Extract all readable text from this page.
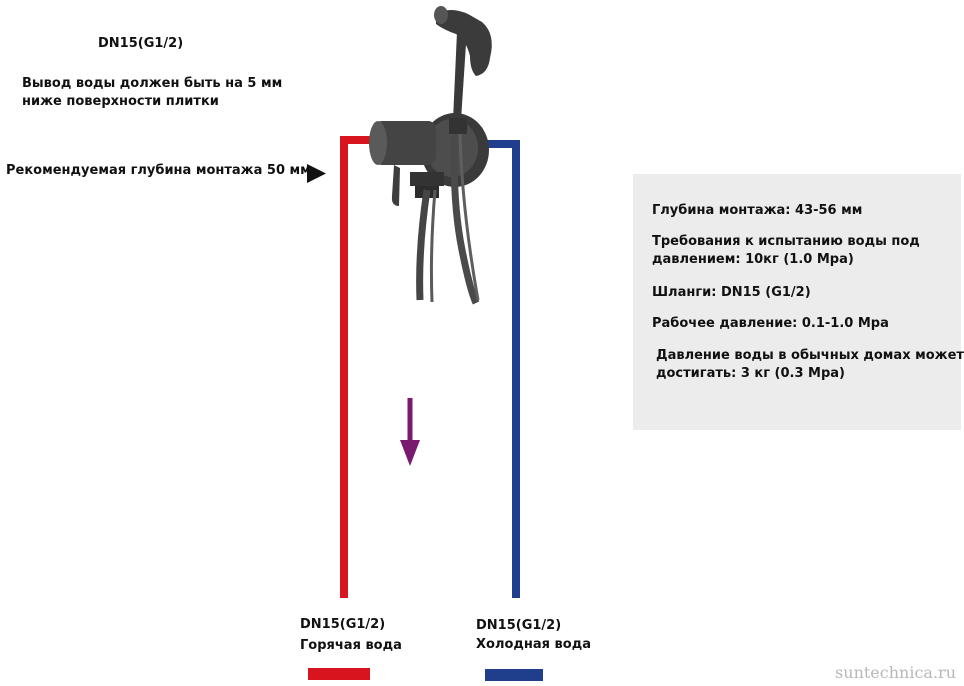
DN15(G1/2)
Вывод воды должен быть на 5 мм
ниже поверхности плитки
Рекомендуемая глубина монтажа 50 мм
Глубина монтажа: 43-56 мм
Требования к испытанию воды под
давлением: 10кг (1.0 Mpa)
Шланги: DN15 (G1/2)
Рабочее давление: 0.1-1.0 Mpa
Давление воды в обычных домах может
достигать: 3 кг (0.3 Mpa)
DN15(G1/2)
Горячая вода
DN15(G1/2)
Холодная вода
suntechnica.ru
